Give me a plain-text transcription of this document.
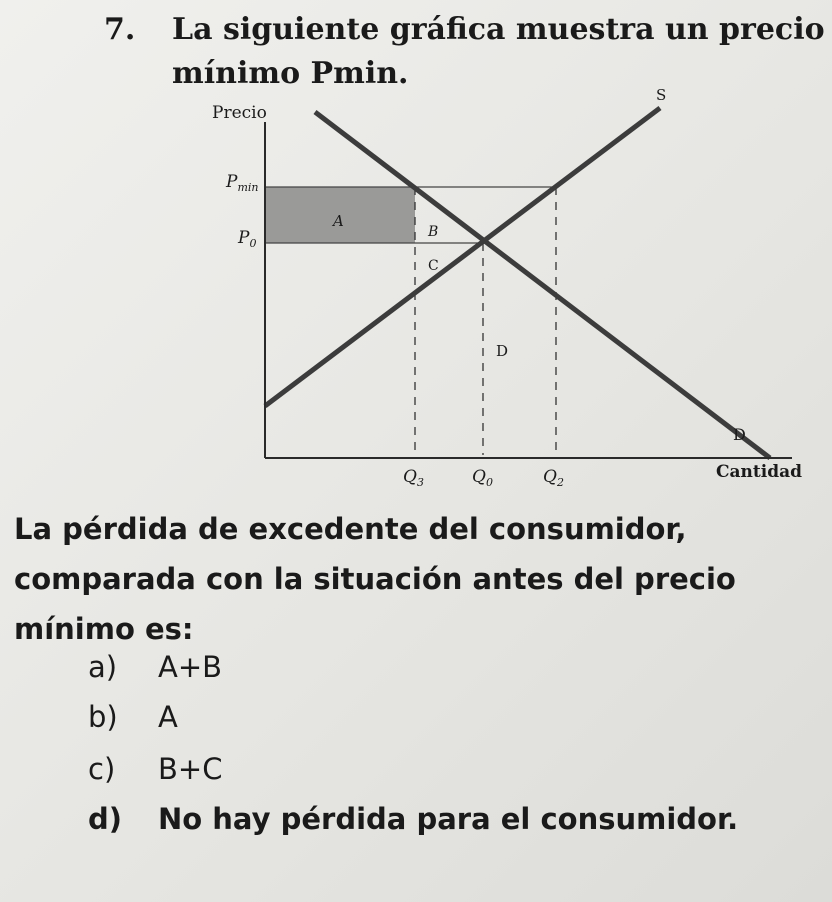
7. La siguiente gráfica muestra un precio
mínimo Pmin.
Precio
Cantidad
S
D
$P_{min}$
$P_0$
A
B
C
D
$Q_3$	$Q_0$	$Q_2$
La pérdida de excedente del consumidor,
comparada con la situación antes del precio
mínimo es:
a) A+B
b) A
c) B+C
d) No hay pérdida para el consumidor.
